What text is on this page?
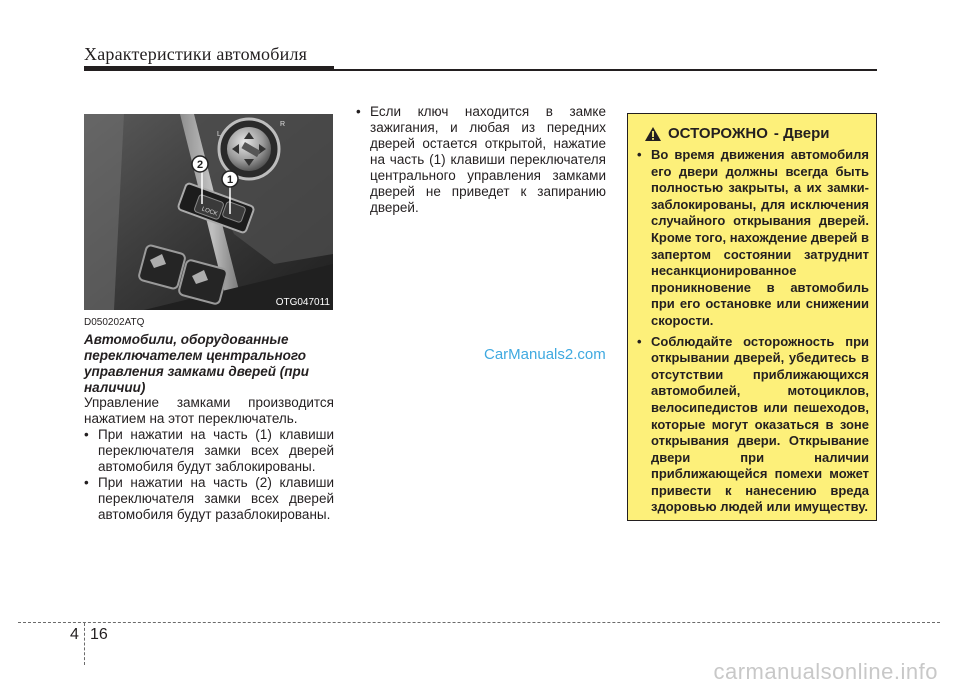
Характеристики автомобиля
R
L
LOCK
2
1
OTG047011
D050202ATQ
Автомобили, оборудованные переключателем центрального управления замками дверей (при наличии)

Управление замками производится нажатием на этот переключатель.

• При нажатии на часть (1) клавиши переключателя замки всех дверей автомобиля будут заблокированы.
• При нажатии на часть (2) клавиши переключателя замки всех дверей автомобиля будут разаблокированы.
• Если ключ находится в замке зажигания, и любая из передних дверей остается открытой, нажатие на часть (1) клавиши переключателя центрального управления замками дверей не приведет к запиранию дверей.
ОСТОРОЖНО - Двери
• Во время движения автомобиля его двери должны всегда быть полностью закрыты, а их замки-заблокированы, для исключения случайного открывания дверей. Кроме того, нахождение дверей в запертом состоянии затруднит несанкционированное проникновение в автомобиль при его остановке или снижении скорости.
• Соблюдайте осторожность при открывании дверей, убедитесь в отсутствии приближающихся автомобилей, мотоциклов, велосипедистов или пешеходов, которые могут оказаться в зоне открывания двери. Открывание двери при наличии приближающейся помехи может привести к нанесению вреда здоровью людей или имуществу.
CarManuals2.com
4 16
carmanualsonline.info
